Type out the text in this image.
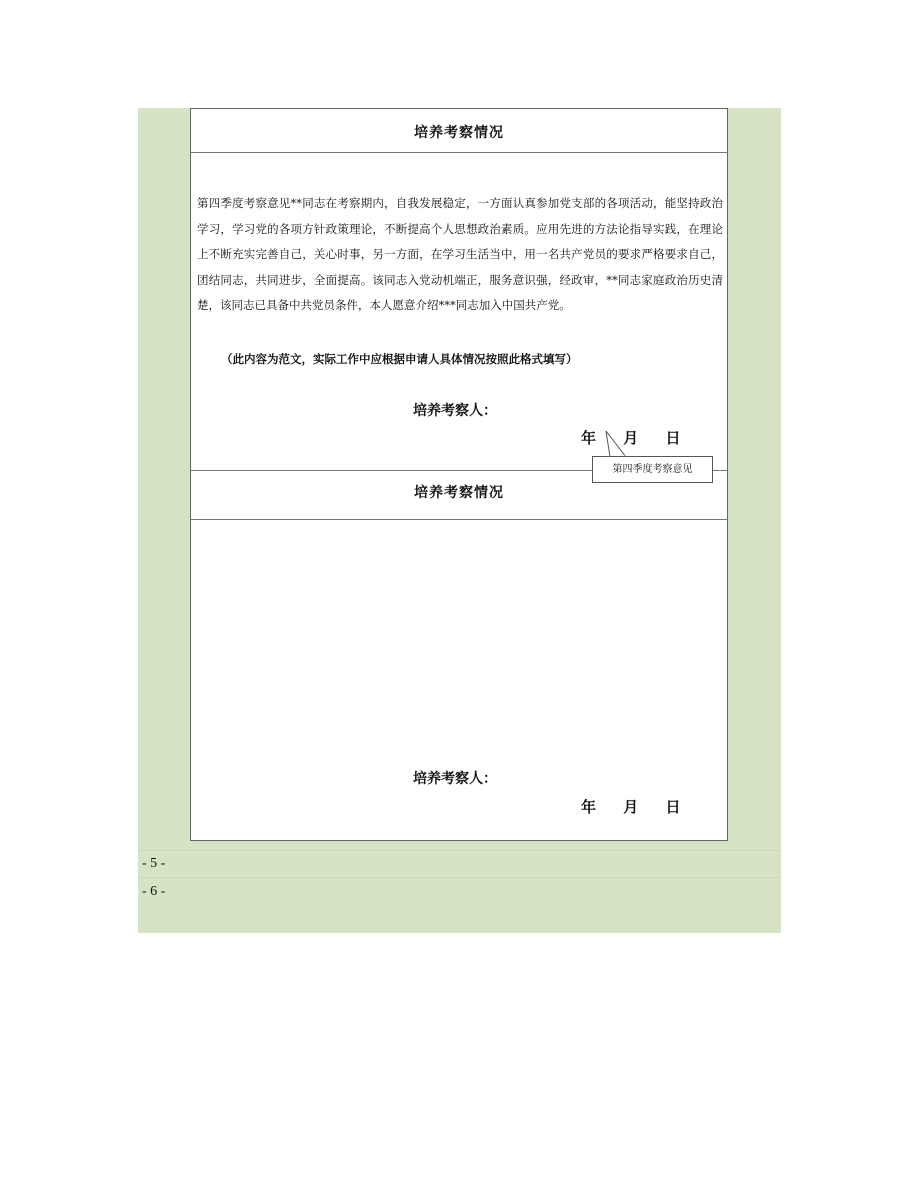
培养考察情况

第四季度考察意见**同志在考察期内，自我发展稳定，一方面认真参加党支部的各项活动，能坚持政治学习，学习党的各项方针政策理论，不断提高个人思想政治素质。应用先进的方法论指导实践，在理论上不断充实完善自己，关心时事，另一方面，在学习生活当中，用一名共产党员的要求严格要求自己，团结同志，共同进步，全面提高。该同志入党动机端正，服务意识强，经政审，**同志家庭政治历史清楚，该同志已具备中共党员条件，本人愿意介绍***同志加入中国共产党。

（此内容为范文，实际工作中应根据申请人具体情况按照此格式填写）
培养考察人：
年 月 日
培养考察情况
培养考察人：
年 月 日
第四季度考察意见
- 5 -
- 6 -
